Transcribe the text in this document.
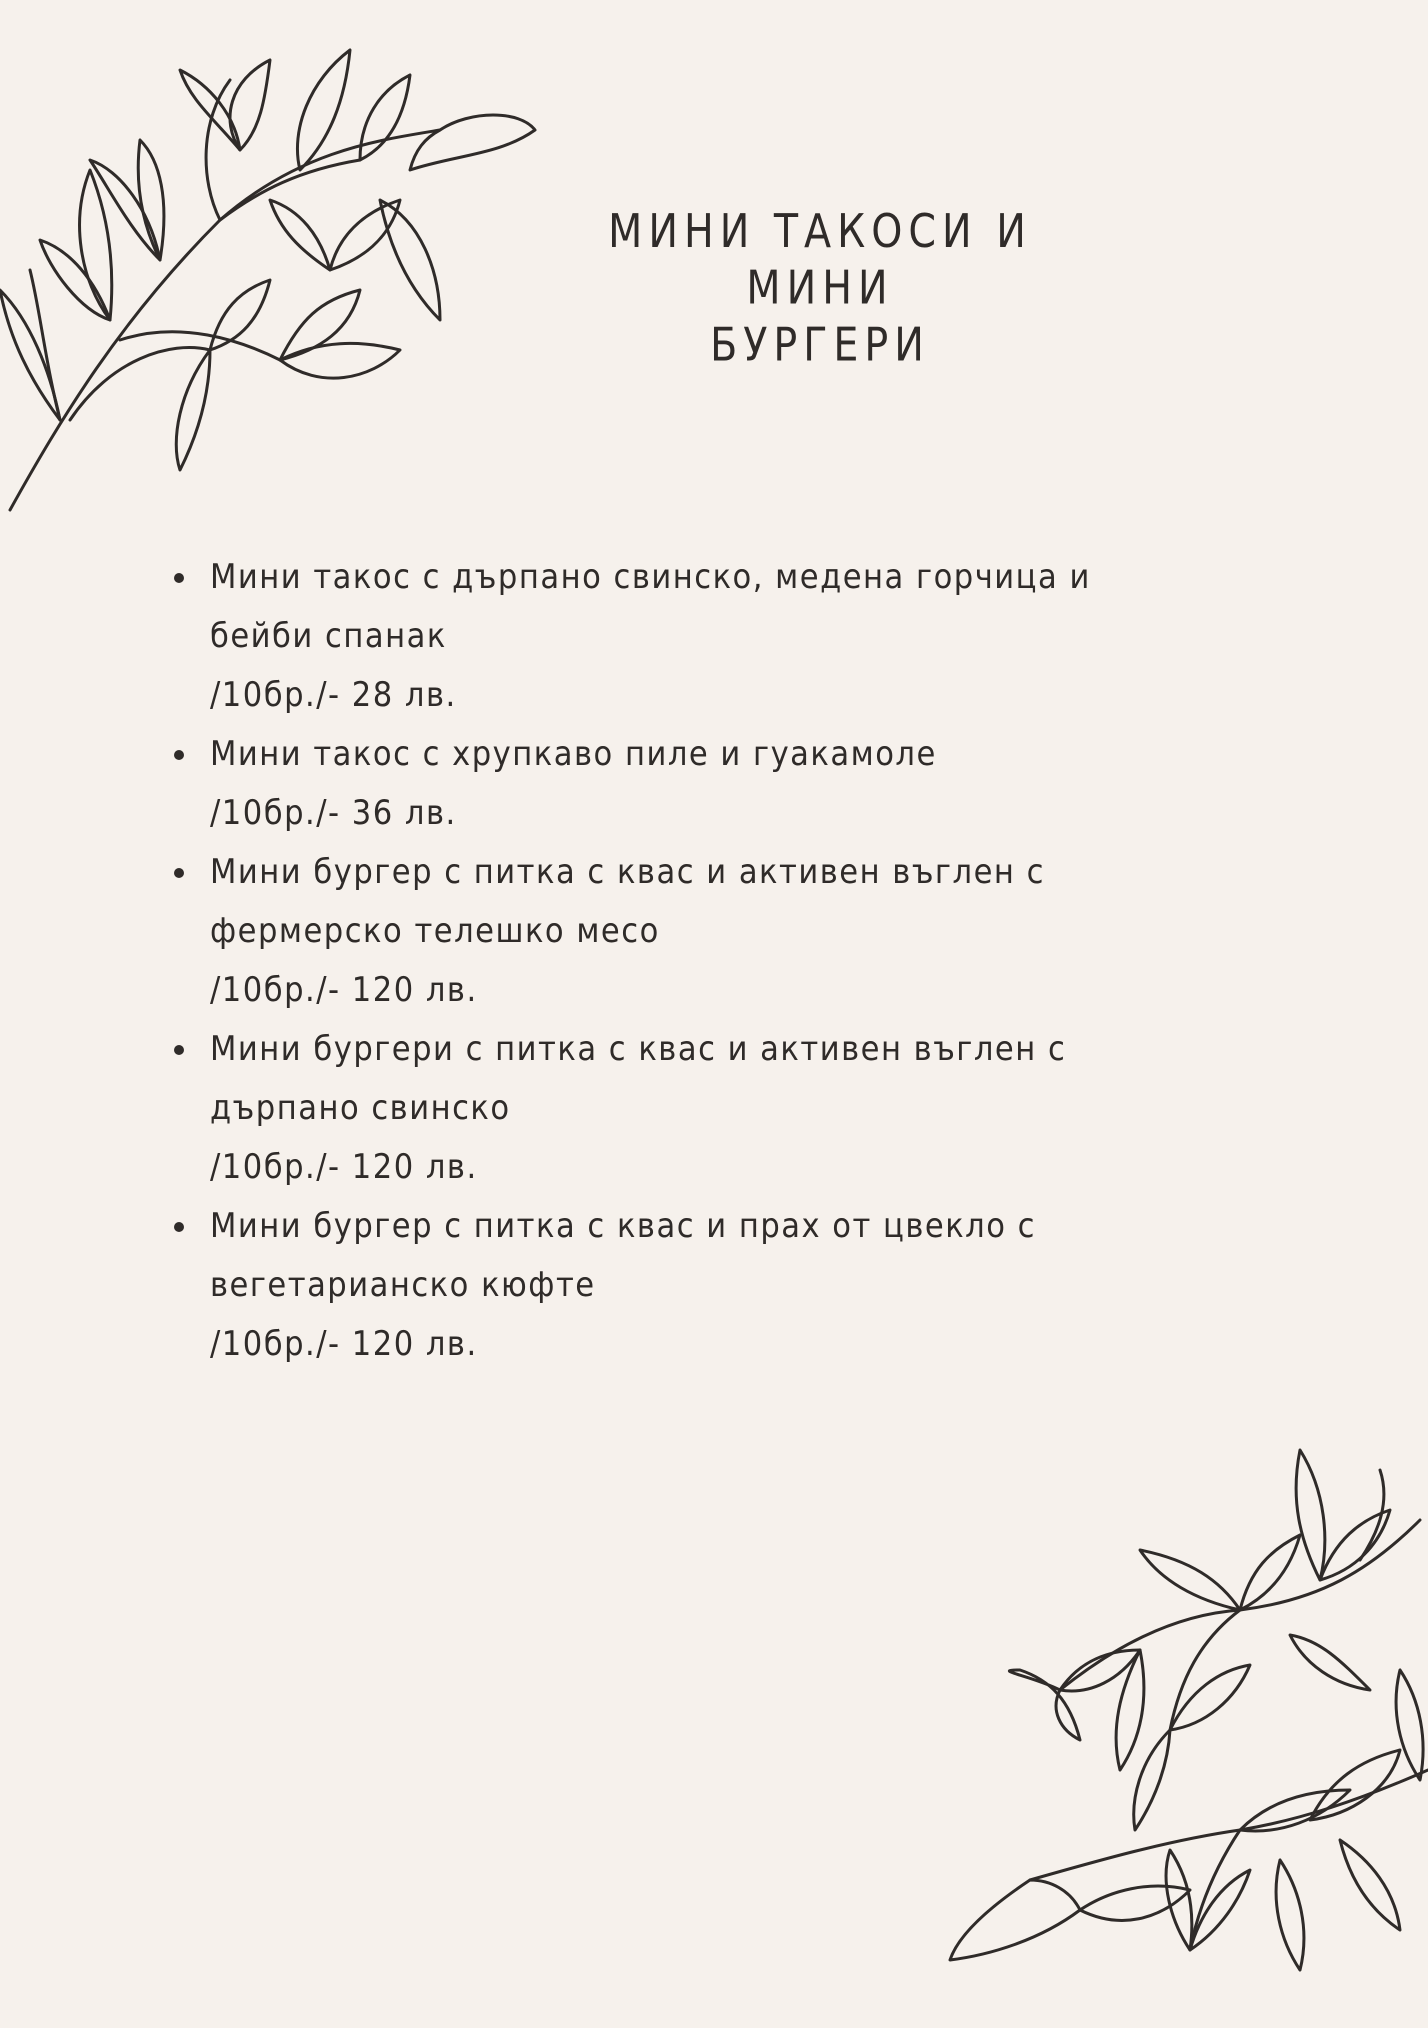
МИНИ ТАКОСИ И МИНИ
БУРГЕРИ
Мини такос с дърпано свинско, медена горчица и
бейби спанак
/10бр./- 28 лв.
Мини такос с хрупкаво пиле и гуакамоле
/10бр./- 36 лв.
Мини бургер с питка с квас и активен въглен с
фермерско телешко месо
/10бр./- 120 лв.
Мини бургери с питка с квас и активен въглен с
дърпано свинско
/10бр./- 120 лв.
Мини бургер с питка с квас и прах от цвекло с
вегетарианско кюфте
/10бр./- 120 лв.
